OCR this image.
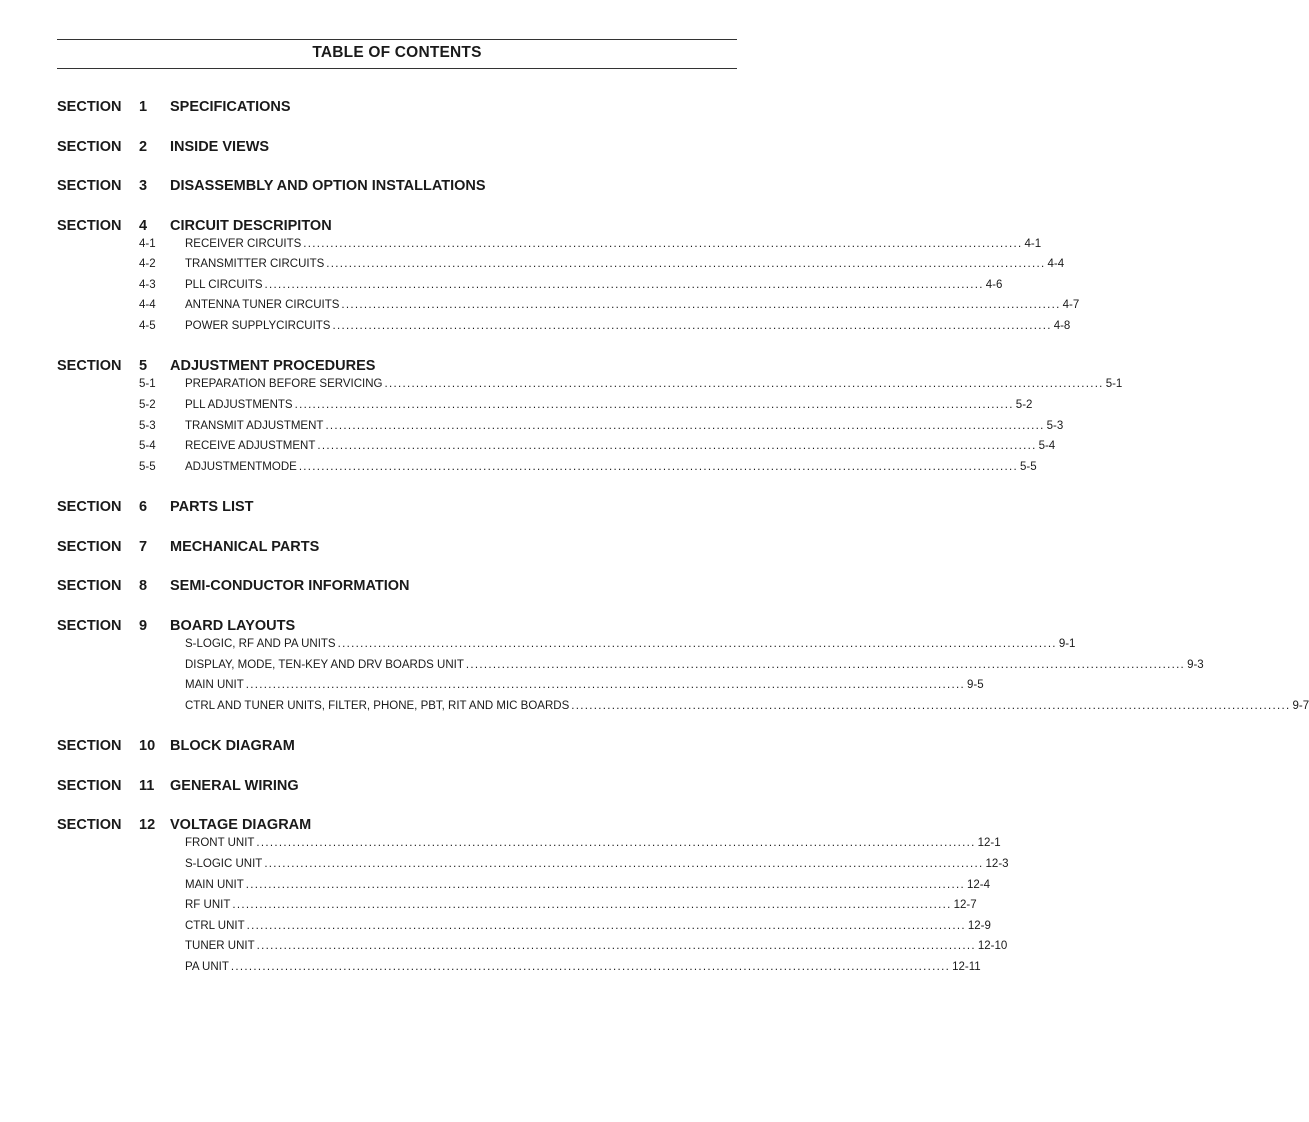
TABLE OF CONTENTS
SECTION 1 SPECIFICATIONS
SECTION 2 INSIDE VIEWS
SECTION 3 DISASSEMBLY AND OPTION INSTALLATIONS
SECTION 4 CIRCUIT DESCRIPITON
4-1	RECEIVER CIRCUITS ................................................................................................................................................................ 4-1
4-2	TRANSMITTER CIRCUITS ................................................................................................................................................................ 4-4
4-3	PLL CIRCUITS ................................................................................................................................................................ 4-6
4-4	ANTENNA TUNER CIRCUITS ................................................................................................................................................................ 4-7
4-5	POWER SUPPLYCIRCUITS ................................................................................................................................................................ 4-8
SECTION 5 ADJUSTMENT PROCEDURES
5-1	PREPARATION BEFORE SERVICING ................................................................................................................................................................ 5-1
5-2	PLL ADJUSTMENTS ................................................................................................................................................................ 5-2
5-3	TRANSMIT ADJUSTMENT ................................................................................................................................................................ 5-3
5-4	RECEIVE ADJUSTMENT ................................................................................................................................................................ 5-4
5-5	ADJUSTMENTMODE ................................................................................................................................................................ 5-5
SECTION 6 PARTS LIST
SECTION 7 MECHANICAL PARTS
SECTION 8 SEMI-CONDUCTOR INFORMATION
SECTION 9 BOARD LAYOUTS
S-LOGIC, RF AND PA UNITS ................................................................................................................................................................ 9-1
DISPLAY, MODE, TEN-KEY AND DRV BOARDS UNIT ................................................................................................................................................................ 9-3
MAIN UNIT ................................................................................................................................................................ 9-5
CTRL AND TUNER UNITS, FILTER, PHONE, PBT, RIT AND MIC BOARDS ................................................................................................................................................................ 9-7
SECTION 10 BLOCK DIAGRAM
SECTION 11 GENERAL WIRING
SECTION 12 VOLTAGE DIAGRAM
FRONT UNIT ................................................................................................................................................................ 12-1
S-LOGIC UNIT ................................................................................................................................................................ 12-3
MAIN UNIT ................................................................................................................................................................ 12-4
RF UNIT ................................................................................................................................................................ 12-7
CTRL UNIT ................................................................................................................................................................ 12-9
TUNER UNIT ................................................................................................................................................................ 12-10
PA UNIT ................................................................................................................................................................ 12-11
